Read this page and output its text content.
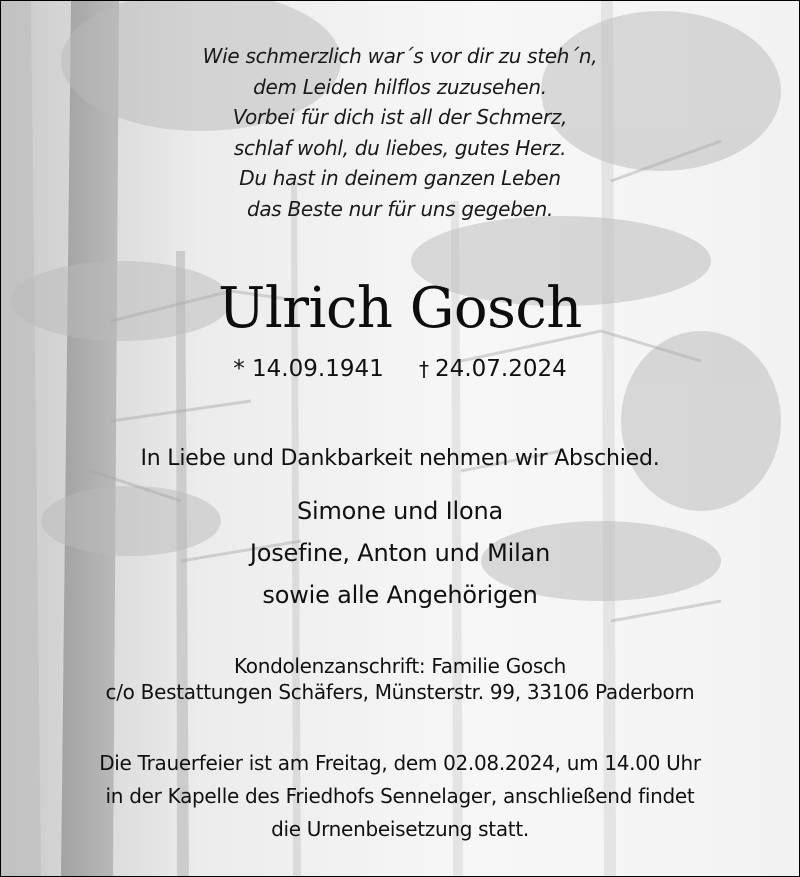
Wie schmerzlich war´s vor dir zu steh´n,
dem Leiden hilflos zuzusehen.
Vorbei für dich ist all der Schmerz,
schlaf wohl, du liebes, gutes Herz.
Du hast in deinem ganzen Leben
das Beste nur für uns gegeben.
Ulrich Gosch
* 14.09.1941 † 24.07.2024
In Liebe und Dankbarkeit nehmen wir Abschied.
Simone und Ilona
Josefine, Anton und Milan
sowie alle Angehörigen
Kondolenzanschrift: Familie Gosch
c/o Bestattungen Schäfers, Münsterstr. 99, 33106 Paderborn
Die Trauerfeier ist am Freitag, dem 02.08.2024, um 14.00 Uhr
in der Kapelle des Friedhofs Sennelager, anschließend findet
die Urnenbeisetzung statt.
